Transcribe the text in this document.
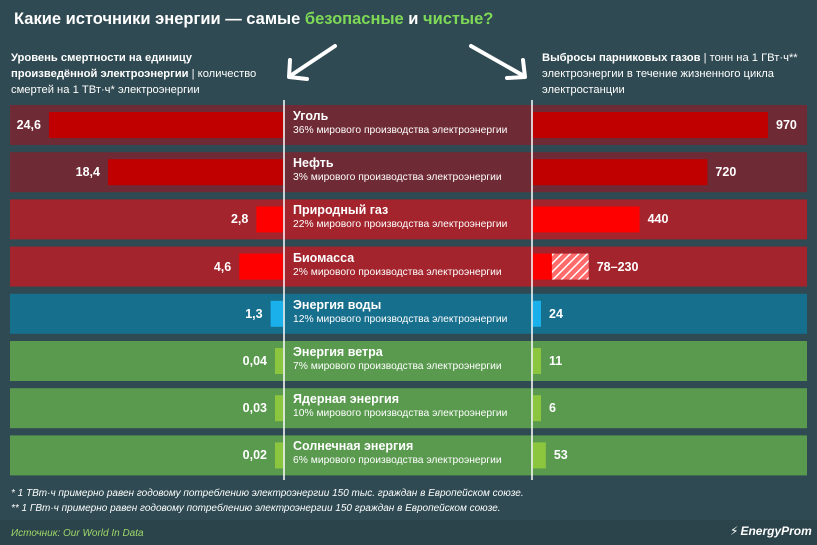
Какие источники энергии — самые безопасные и чистые?
Уровень смертности на единицу произведённой электроэнергии | количество смертей на 1 ТВт·ч* электроэнергии
Выбросы парниковых газов | тонн на 1 ГВт·ч** электроэнергии в течение жизненного цикла электростанции
Уголь
36% мирового производства электроэнергии
24,6	970
Нефть
3% мирового производства электроэнергии
18,4	720
Природный газ
22% мирового производства электроэнергии
2,8	440
Биомасса
2% мирового производства электроэнергии
4,6	78–230
Энергия воды
12% мирового производства электроэнергии
1,3	24
Энергия ветра
7% мирового производства электроэнергии
0,04	11
Ядерная энергия
10% мирового производства электроэнергии
0,03	6
Солнечная энергия
6% мирового производства электроэнергии
0,02	53
* 1 ТВт·ч примерно равен годовому потреблению электроэнергии 150 тыс. граждан в Европейском союзе.
** 1 ГВт·ч примерно равен годовому потреблению электроэнергии 150 граждан в Европейском союзе.
Источник: Our World In Data	⚡ EnergyProm
